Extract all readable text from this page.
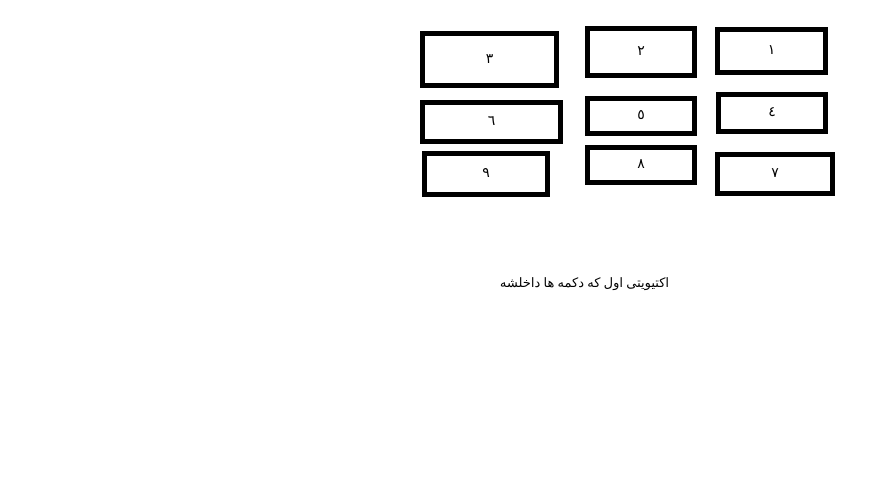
١
٢
٣
٤
٥
٦
٧
٨
٩
اکتیویتی اول که دکمه ها داخلشه
